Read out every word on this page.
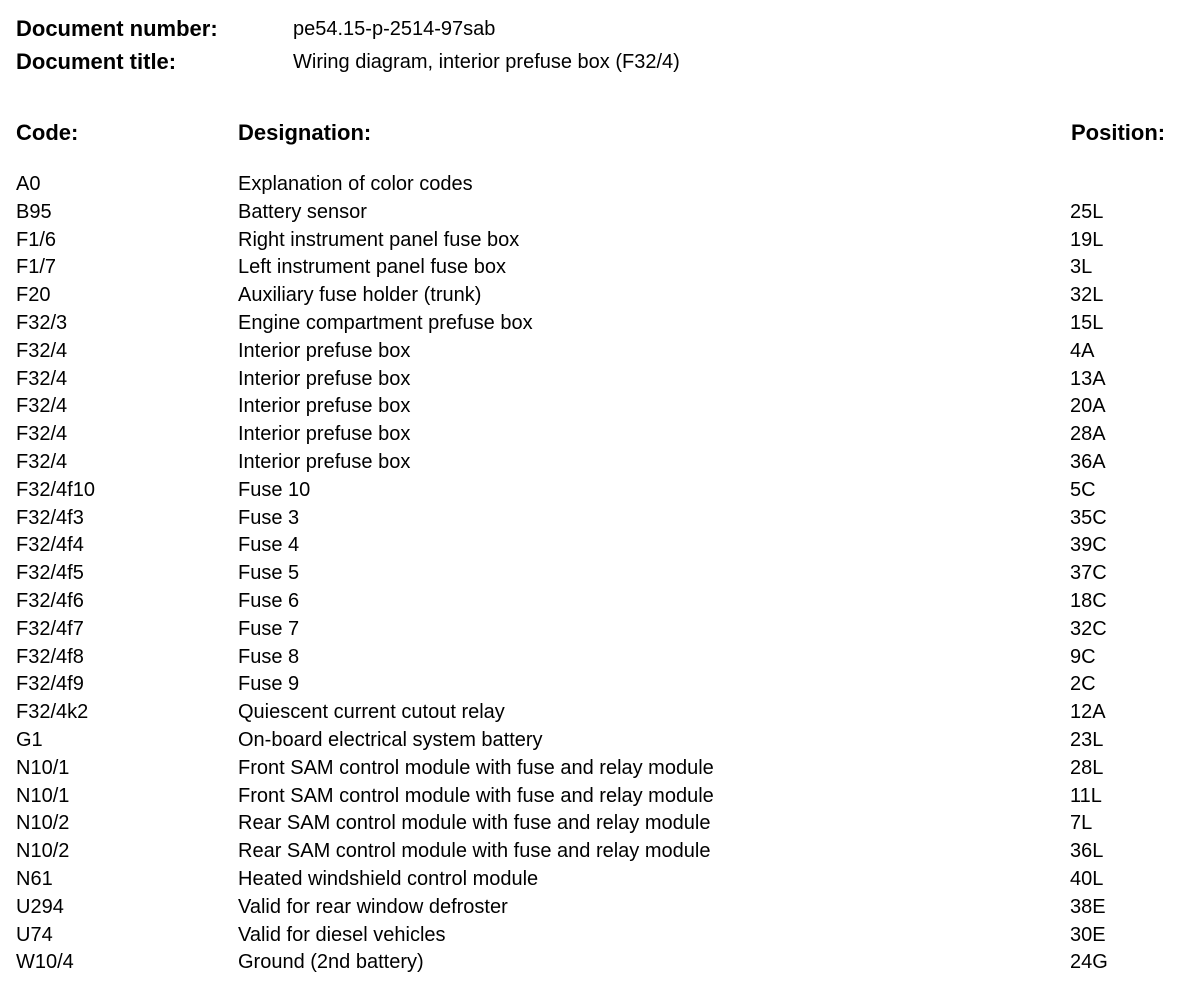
Document number:	pe54.15-p-2514-97sab
Document title:	Wiring diagram, interior prefuse box (F32/4)
Code:	Designation:	Position:
A0	Explanation of color codes
B95	Battery sensor	25L
F1/6	Right instrument panel fuse box	19L
F1/7	Left instrument panel fuse box	3L
F20	Auxiliary fuse holder (trunk)	32L
F32/3	Engine compartment prefuse box	15L
F32/4	Interior prefuse box	4A
F32/4	Interior prefuse box	13A
F32/4	Interior prefuse box	20A
F32/4	Interior prefuse box	28A
F32/4	Interior prefuse box	36A
F32/4f10	Fuse 10	5C
F32/4f3	Fuse 3	35C
F32/4f4	Fuse 4	39C
F32/4f5	Fuse 5	37C
F32/4f6	Fuse 6	18C
F32/4f7	Fuse 7	32C
F32/4f8	Fuse 8	9C
F32/4f9	Fuse 9	2C
F32/4k2	Quiescent current cutout relay	12A
G1	On-board electrical system battery	23L
N10/1	Front SAM control module with fuse and relay module	28L
N10/1	Front SAM control module with fuse and relay module	11L
N10/2	Rear SAM control module with fuse and relay module	7L
N10/2	Rear SAM control module with fuse and relay module	36L
N61	Heated windshield control module	40L
U294	Valid for rear window defroster	38E
U74	Valid for diesel vehicles	30E
W10/4	Ground (2nd battery)	24G
